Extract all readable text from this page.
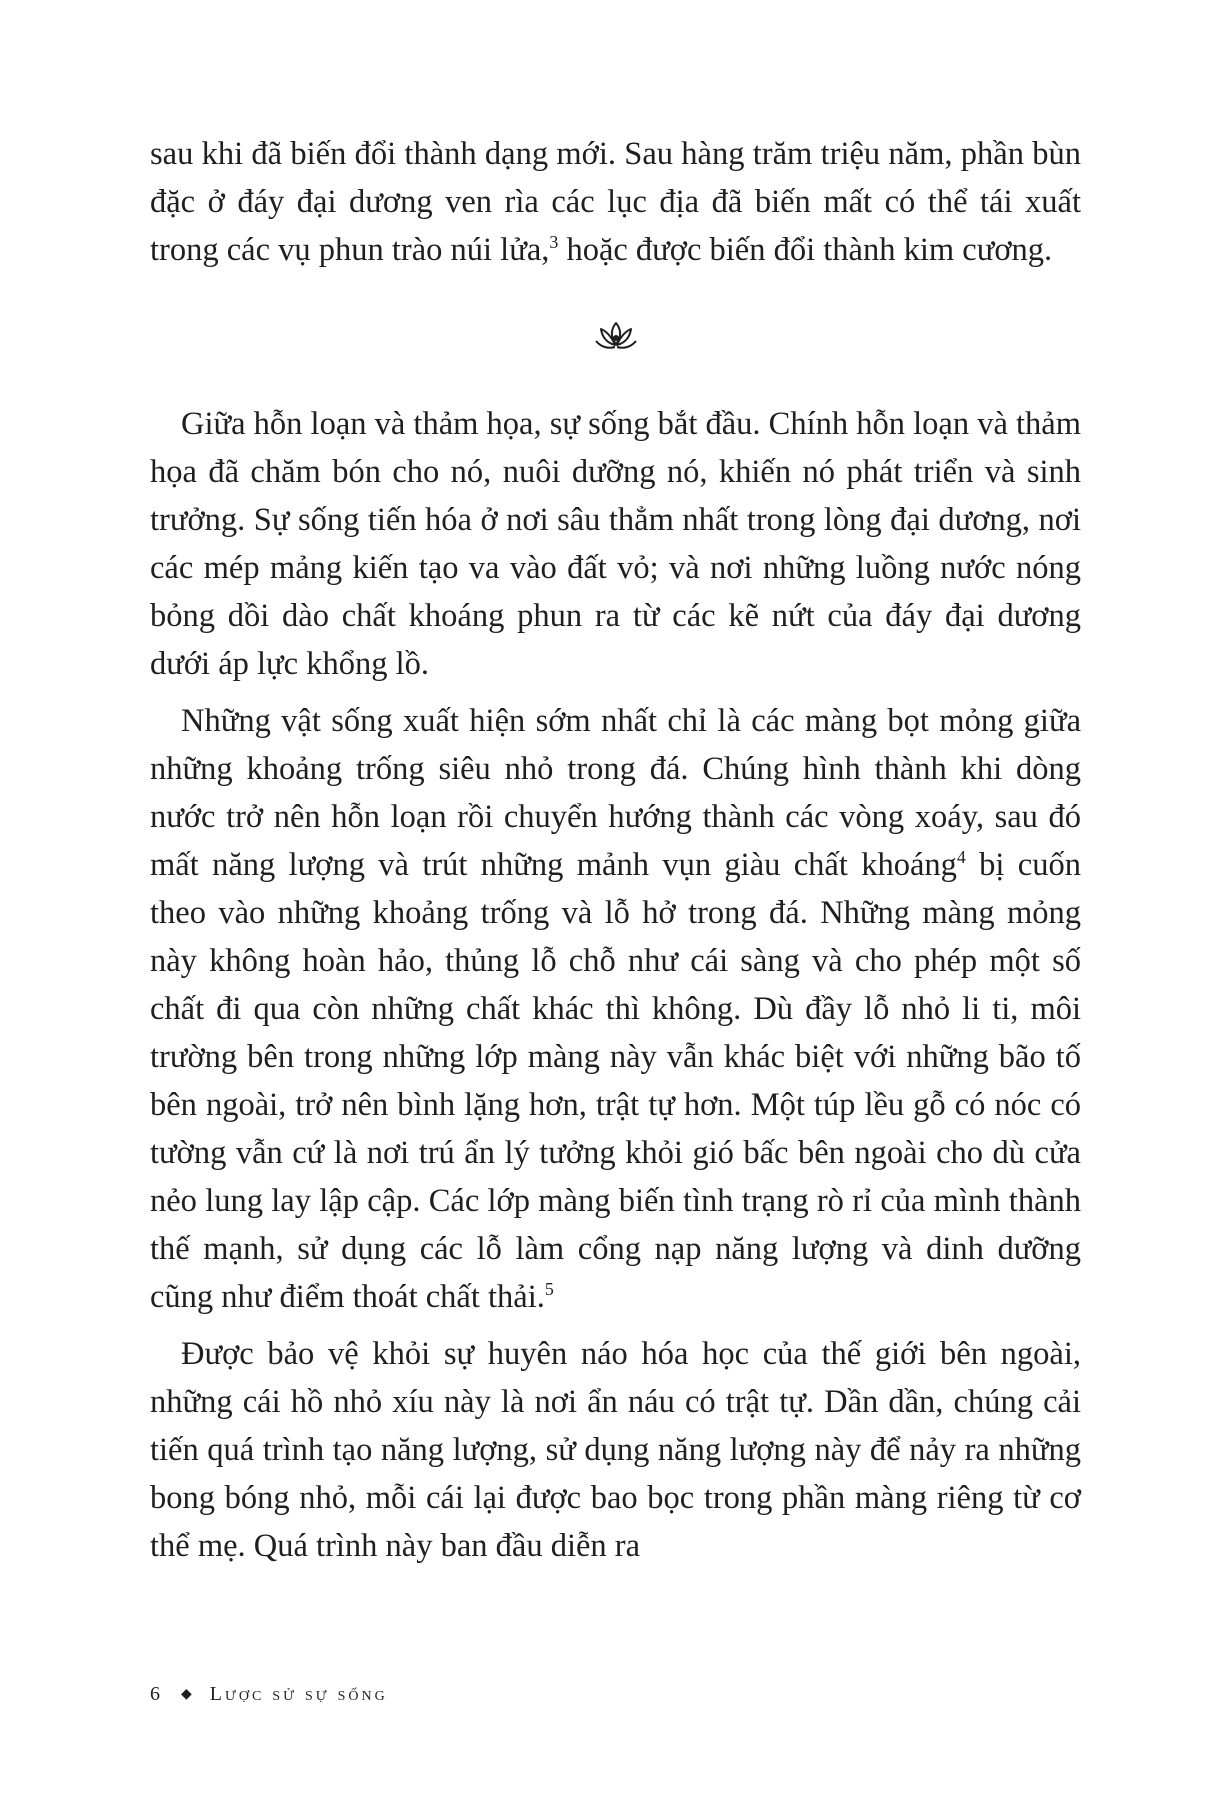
sau khi đã biến đổi thành dạng mới. Sau hàng trăm triệu năm, phần bùn đặc ở đáy đại dương ven rìa các lục địa đã biến mất có thể tái xuất trong các vụ phun trào núi lửa,$^3$ hoặc được biến đổi thành kim cương.

Giữa hỗn loạn và thảm họa, sự sống bắt đầu. Chính hỗn loạn và thảm họa đã chăm bón cho nó, nuôi dưỡng nó, khiến nó phát triển và sinh trưởng. Sự sống tiến hóa ở nơi sâu thẳm nhất trong lòng đại dương, nơi các mép mảng kiến tạo va vào đất vỏ; và nơi những luồng nước nóng bỏng dồi dào chất khoáng phun ra từ các kẽ nứt của đáy đại dương dưới áp lực khổng lồ.

Những vật sống xuất hiện sớm nhất chỉ là các màng bọt mỏng giữa những khoảng trống siêu nhỏ trong đá. Chúng hình thành khi dòng nước trở nên hỗn loạn rồi chuyển hướng thành các vòng xoáy, sau đó mất năng lượng và trút những mảnh vụn giàu chất khoáng$^4$ bị cuốn theo vào những khoảng trống và lỗ hở trong đá. Những màng mỏng này không hoàn hảo, thủng lỗ chỗ như cái sàng và cho phép một số chất đi qua còn những chất khác thì không. Dù đầy lỗ nhỏ li ti, môi trường bên trong những lớp màng này vẫn khác biệt với những bão tố bên ngoài, trở nên bình lặng hơn, trật tự hơn. Một túp lều gỗ có nóc có tường vẫn cứ là nơi trú ẩn lý tưởng khỏi gió bấc bên ngoài cho dù cửa nẻo lung lay lập cập. Các lớp màng biến tình trạng rò rỉ của mình thành thế mạnh, sử dụng các lỗ làm cổng nạp năng lượng và dinh dưỡng cũng như điểm thoát chất thải.$^5$

Được bảo vệ khỏi sự huyên náo hóa học của thế giới bên ngoài, những cái hồ nhỏ xíu này là nơi ẩn náu có trật tự. Dần dần, chúng cải tiến quá trình tạo năng lượng, sử dụng năng lượng này để nảy ra những bong bóng nhỏ, mỗi cái lại được bao bọc trong phần màng riêng từ cơ thể mẹ. Quá trình này ban đầu diễn ra

6 ◆ Lược sử sự sống
